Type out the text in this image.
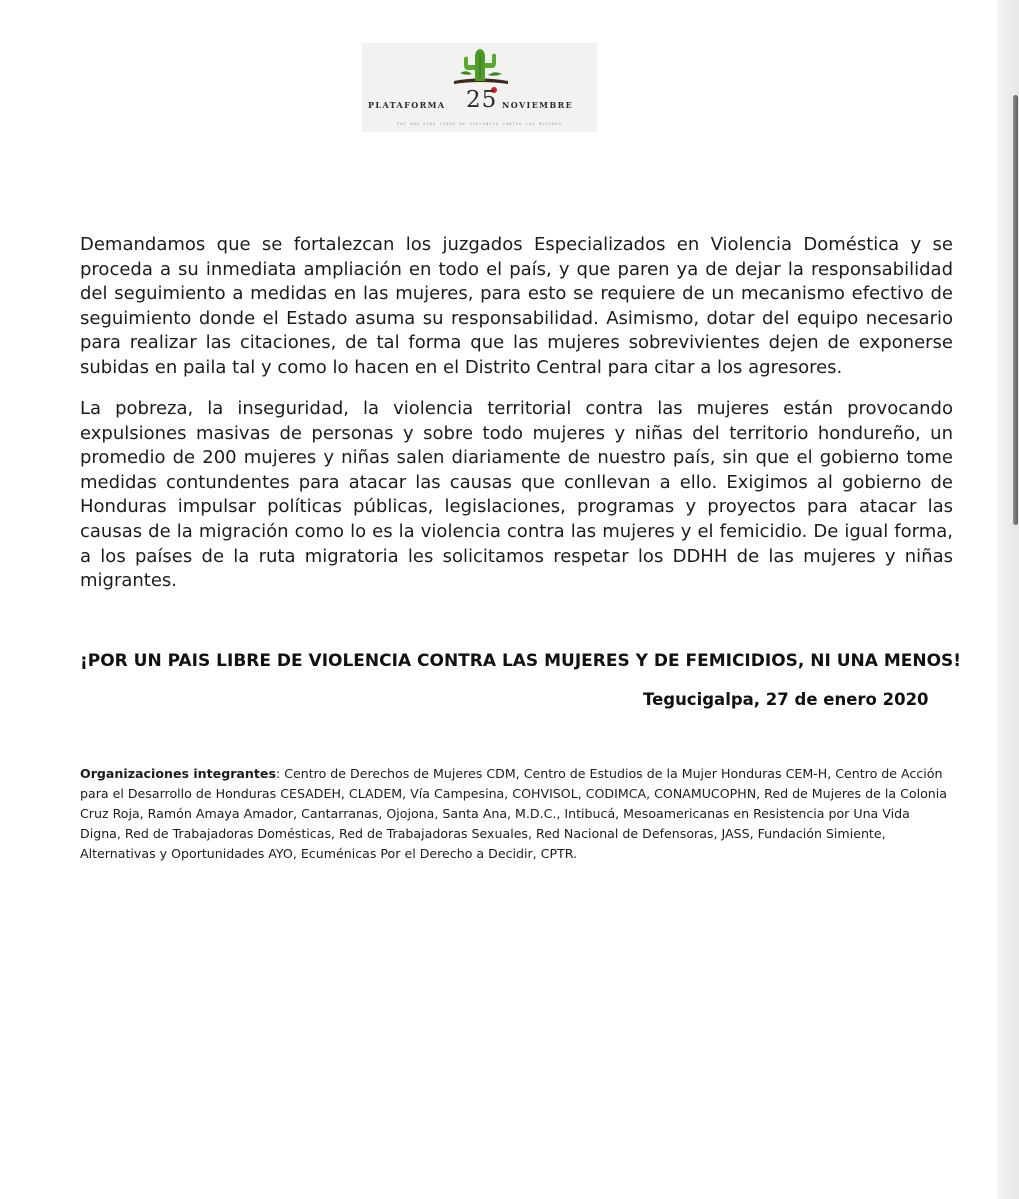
PLATAFORMA 25 NOVIEMBRE
POR UNA VIDA LIBRE DE VIOLENCIA CONTRA LAS MUJERES

Demandamos que se fortalezcan los juzgados Especializados en Violencia Doméstica y se proceda a su inmediata ampliación en todo el país, y que paren ya de dejar la responsabilidad del seguimiento a medidas en las mujeres, para esto se requiere de un mecanismo efectivo de seguimiento donde el Estado asuma su responsabilidad. Asimismo, dotar del equipo necesario para realizar las citaciones, de tal forma que las mujeres sobrevivientes dejen de exponerse subidas en paila tal y como lo hacen en el Distrito Central para citar a los agresores.

La pobreza, la inseguridad, la violencia territorial contra las mujeres están provocando expulsiones masivas de personas y sobre todo mujeres y niñas del territorio hondureño, un promedio de 200 mujeres y niñas salen diariamente de nuestro país, sin que el gobierno tome medidas contundentes para atacar las causas que conllevan a ello. Exigimos al gobierno de Honduras impulsar políticas públicas, legislaciones, programas y proyectos para atacar las causas de la migración como lo es la violencia contra las mujeres y el femicidio. De igual forma, a los países de la ruta migratoria les solicitamos respetar los DDHH de las mujeres y niñas migrantes.

¡POR UN PAIS LIBRE DE VIOLENCIA CONTRA LAS MUJERES Y DE FEMICIDIOS, NI UNA MENOS!
Tegucigalpa, 27 de enero 2020

Organizaciones integrantes: Centro de Derechos de Mujeres CDM, Centro de Estudios de la Mujer Honduras CEM-H, Centro de Acción para el Desarrollo de Honduras CESADEH, CLADEM, Vía Campesina, COHVISOL, CODIMCA, CONAMUCOPHN, Red de Mujeres de la Colonia Cruz Roja, Ramón Amaya Amador, Cantarranas, Ojojona, Santa Ana, M.D.C., Intibucá, Mesoamericanas en Resistencia por Una Vida Digna, Red de Trabajadoras Domésticas, Red de Trabajadoras Sexuales, Red Nacional de Defensoras, JASS, Fundación Simiente, Alternativas y Oportunidades AYO, Ecuménicas Por el Derecho a Decidir, CPTR.
